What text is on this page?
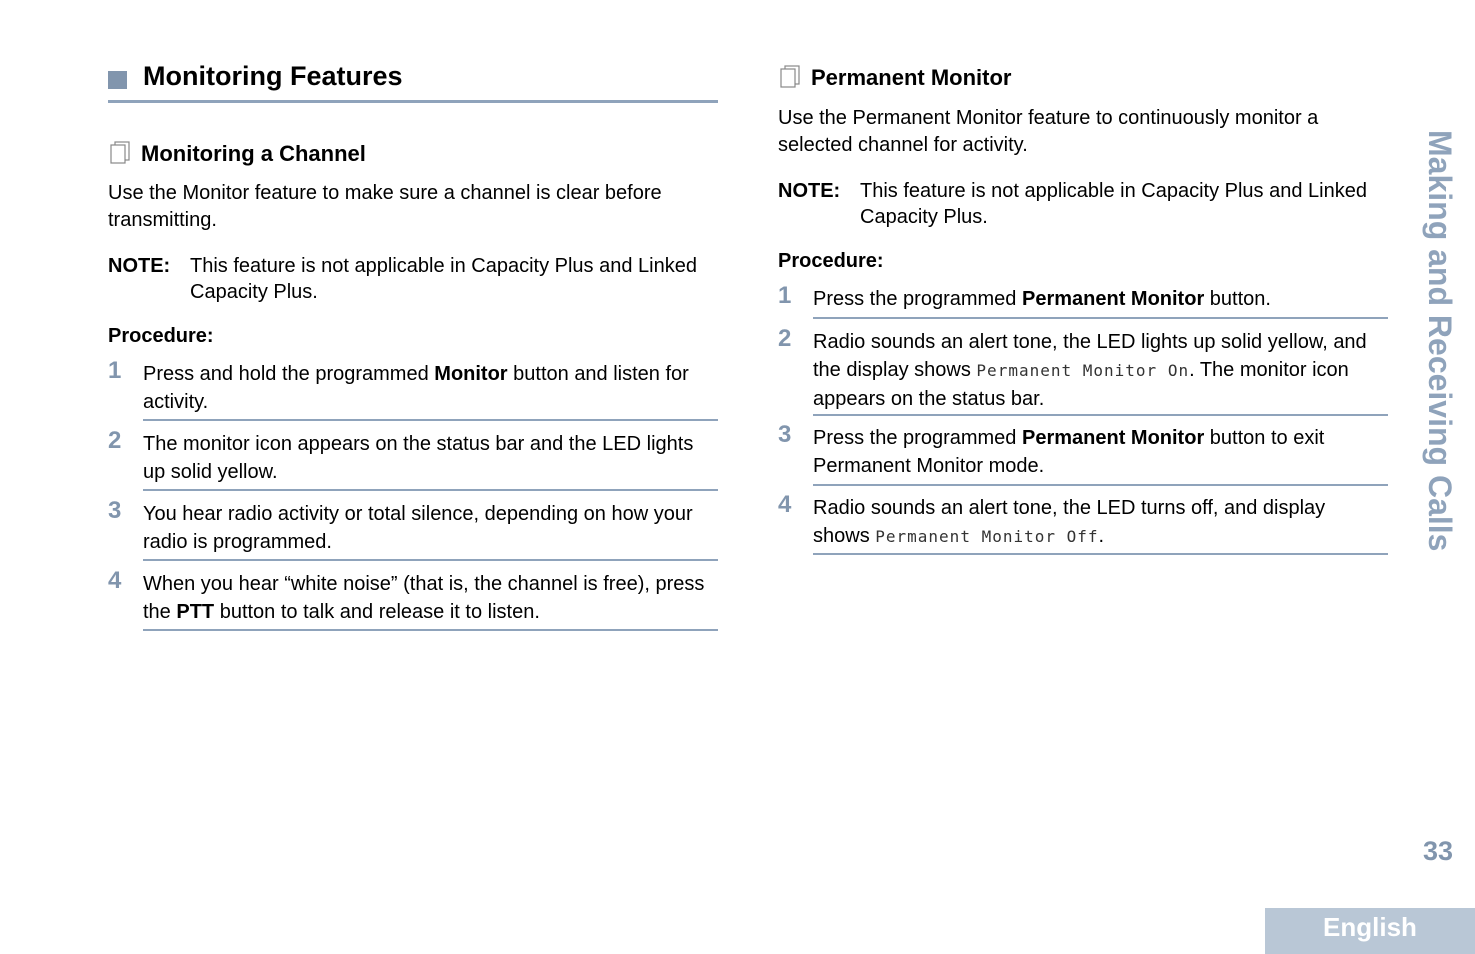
Monitoring Features
Monitoring a Channel
Use the Monitor feature to make sure a channel is clear before transmitting.
NOTE: This feature is not applicable in Capacity Plus and Linked Capacity Plus.
Procedure:
1 Press and hold the programmed Monitor button and listen for activity.
2 The monitor icon appears on the status bar and the LED lights up solid yellow.
3 You hear radio activity or total silence, depending on how your radio is programmed.
4 When you hear “white noise” (that is, the channel is free), press the PTT button to talk and release it to listen.
Permanent Monitor
Use the Permanent Monitor feature to continuously monitor a selected channel for activity.
NOTE: This feature is not applicable in Capacity Plus and Linked Capacity Plus.
Procedure:
1 Press the programmed Permanent Monitor button.
2 Radio sounds an alert tone, the LED lights up solid yellow, and the display shows Permanent Monitor On. The monitor icon appears on the status bar.
3 Press the programmed Permanent Monitor button to exit Permanent Monitor mode.
4 Radio sounds an alert tone, the LED turns off, and display shows Permanent Monitor Off.	Making and Receiving Calls
33
English
